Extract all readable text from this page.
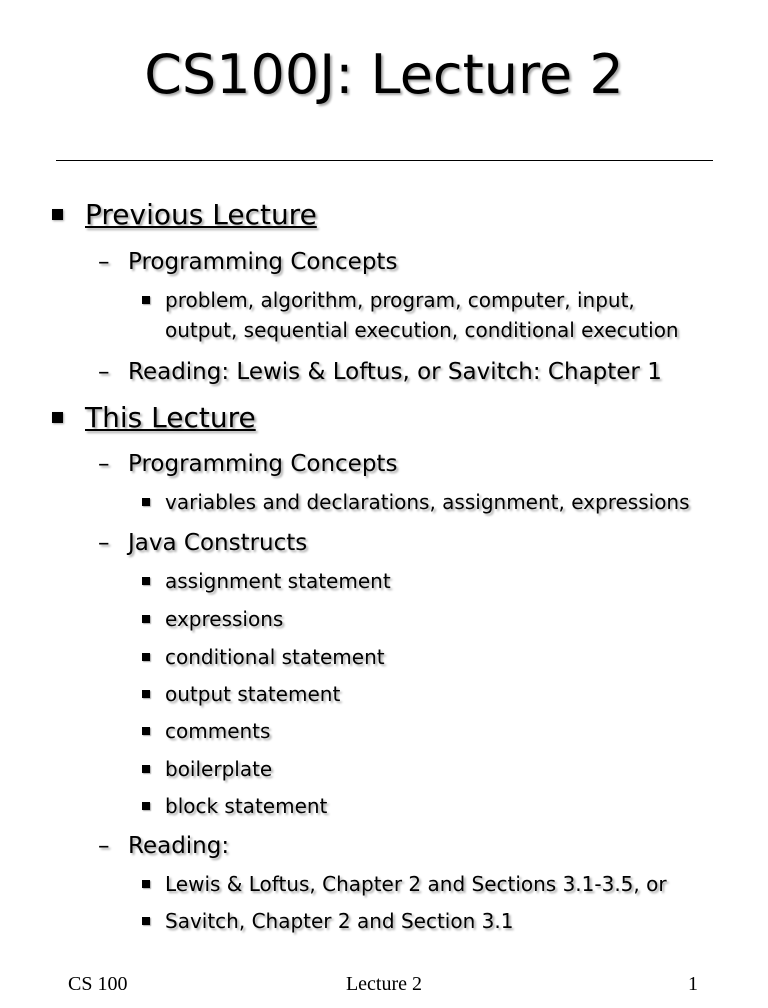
CS100J: Lecture 2
Previous Lecture
– Programming Concepts
problem, algorithm, program, computer, input,
output, sequential execution, conditional execution
– Reading: Lewis & Loftus, or Savitch: Chapter 1
This Lecture
– Programming Concepts
variables and declarations, assignment, expressions
– Java Constructs
assignment statement
expressions
conditional statement
output statement
comments
boilerplate
block statement
– Reading:
Lewis & Loftus, Chapter 2 and Sections 3.1-3.5, or
Savitch, Chapter 2 and Section 3.1
CS 100	Lecture 2	1
